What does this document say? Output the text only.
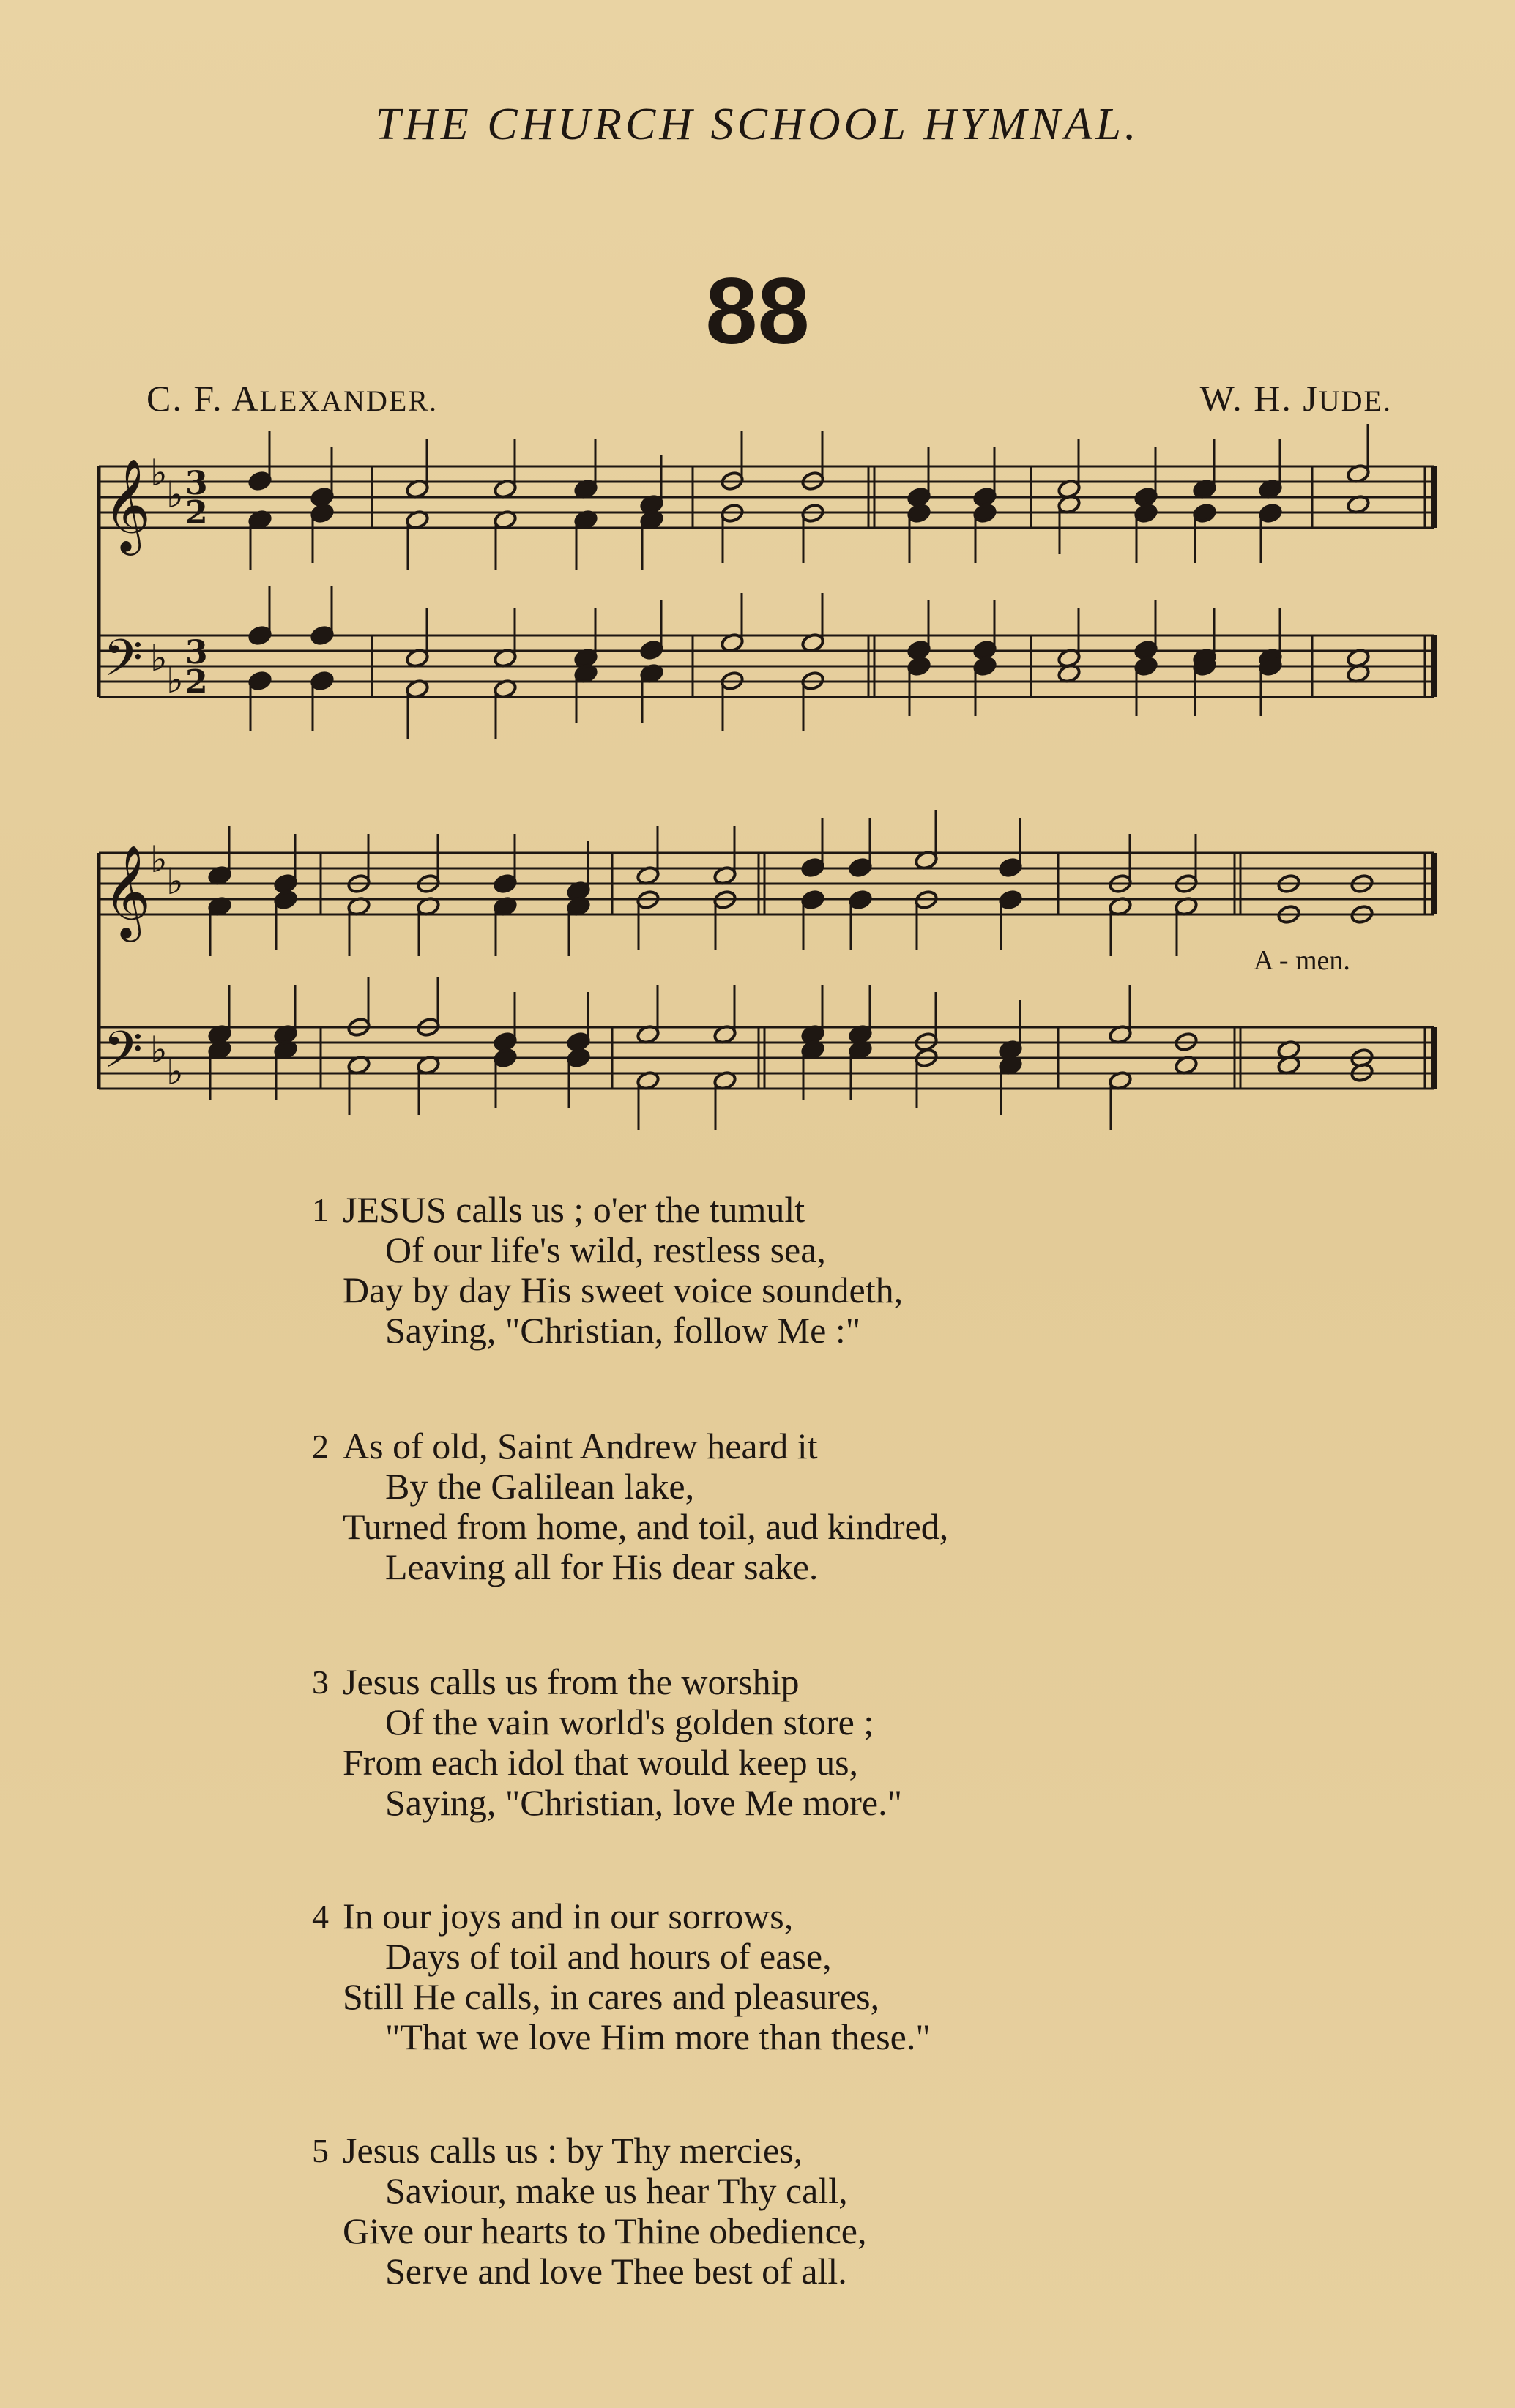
THE CHURCH SCHOOL HYMNAL.
88
C. F. ALEXANDER.	W. H. JUDE.
𝄞
𝄢
♭
♭
♭
♭
3
2
3
2
𝄞
𝄢
♭
♭
♭
♭
A - men.
1 JESUS calls us ; o'er the tumult
Of our life's wild, restless sea,
Day by day His sweet voice soundeth,
Saying, "Christian, follow Me :"
2 As of old, Saint Andrew heard it
By the Galilean lake,
Turned from home, and toil, aud kindred,
Leaving all for His dear sake.
3 Jesus calls us from the worship
Of the vain world's golden store ;
From each idol that would keep us,
Saying, "Christian, love Me more."
4 In our joys and in our sorrows,
Days of toil and hours of ease,
Still He calls, in cares and pleasures,
"That we love Him more than these."
5 Jesus calls us : by Thy mercies,
Saviour, make us hear Thy call,
Give our hearts to Thine obedience,
Serve and love Thee best of all.
